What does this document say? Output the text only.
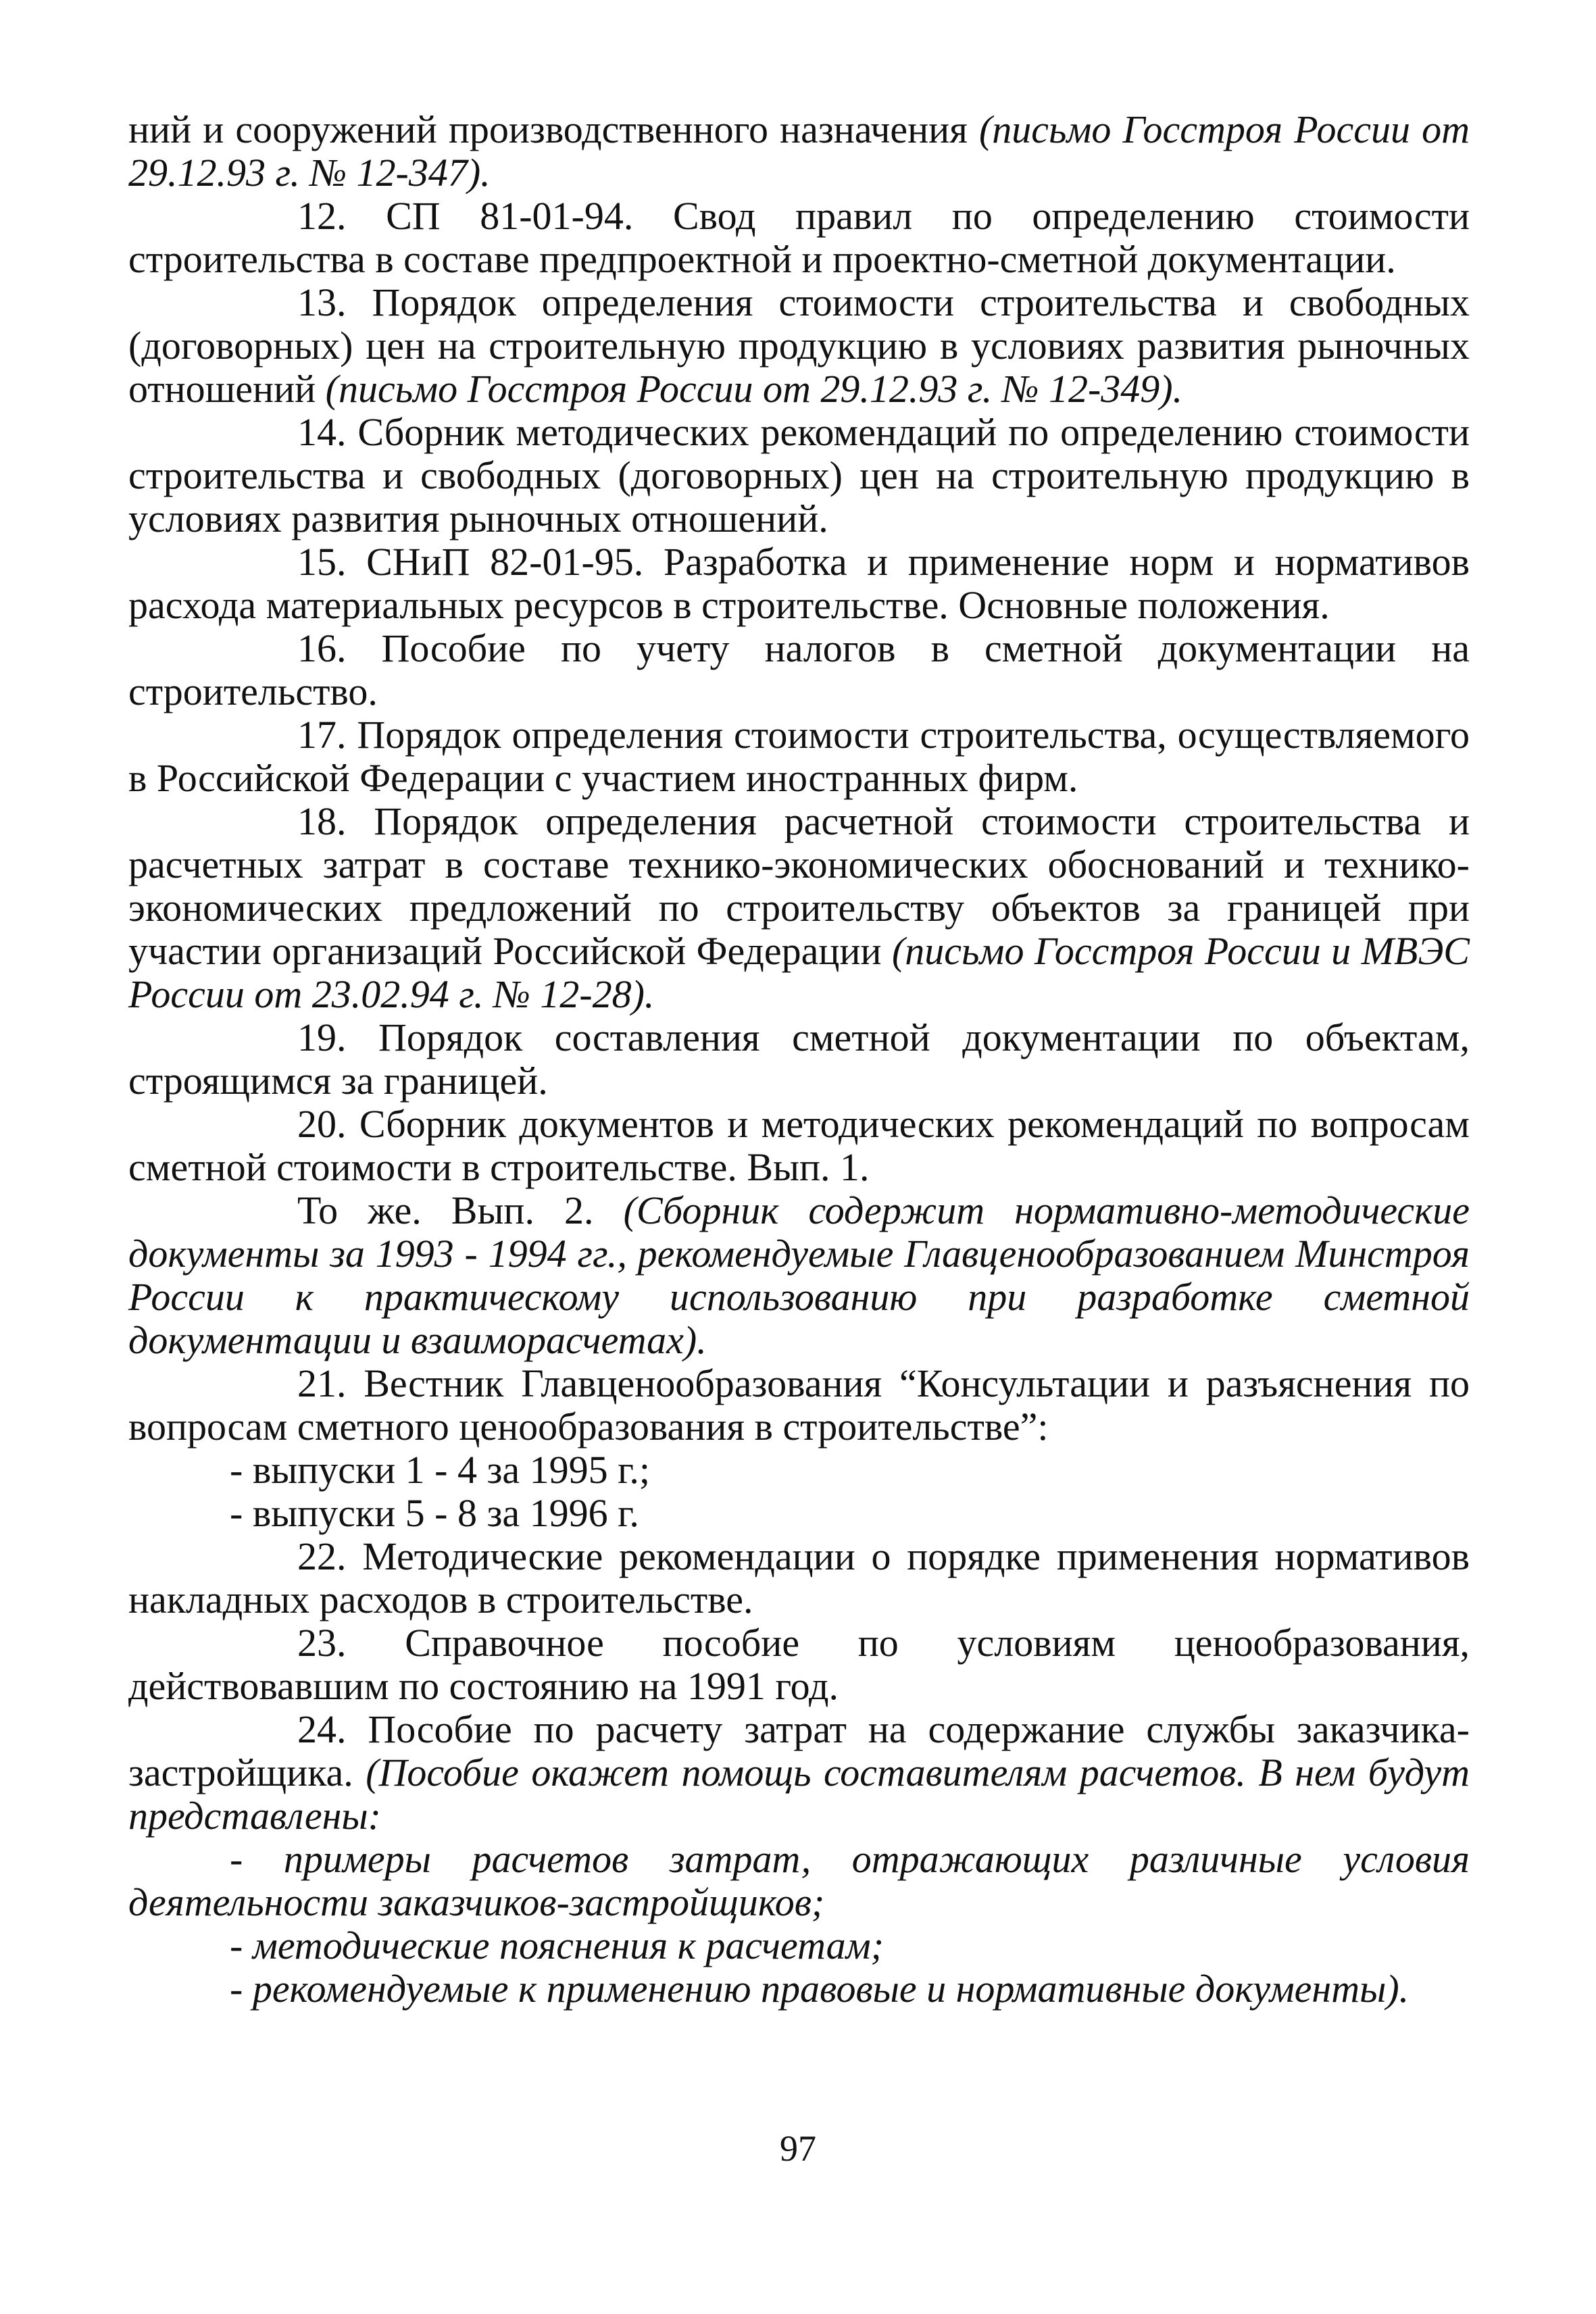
ний и сооружений производственного назначения (письмо Госстроя России от 29.12.93 г. № 12-347).

12. СП 81-01-94. Свод правил по определению стоимости строительства в составе предпроектной и проектно-сметной документации.

13. Порядок определения стоимости строительства и свободных (договорных) цен на строительную продукцию в условиях развития рыночных отношений (письмо Госстроя России от 29.12.93 г. № 12-349).

14. Сборник методических рекомендаций по определению стоимости строительства и свободных (договорных) цен на строительную продукцию в условиях развития рыночных отношений.

15. СНиП 82-01-95. Разработка и применение норм и нормативов расхода материальных ресурсов в строительстве. Основные положения.

16. Пособие по учету налогов в сметной документации на строительство.

17. Порядок определения стоимости строительства, осуществляемого в Российской Федерации с участием иностранных фирм.

18. Порядок определения расчетной стоимости строительства и расчетных затрат в составе технико-экономических обоснований и технико-экономических предложений по строительству объектов за границей при участии организаций Российской Федерации (письмо Госстроя России и МВЭС России от 23.02.94 г. № 12-28).

19. Порядок составления сметной документации по объектам, строящимся за границей.

20. Сборник документов и методических рекомендаций по вопросам сметной стоимости в строительстве. Вып. 1.

То же. Вып. 2. (Сборник содержит нормативно-методические документы за 1993 - 1994 гг., рекомендуемые Главценообразованием Минстроя России к практическому использованию при разработке сметной документации и взаиморасчетах).

21. Вестник Главценообразования “Консультации и разъяснения по вопросам сметного ценообразования в строительстве”:

- выпуски 1 - 4 за 1995 г.;

- выпуски 5 - 8 за 1996 г.

22. Методические рекомендации о порядке применения нормативов накладных расходов в строительстве.

23. Справочное пособие по условиям ценообразования, действовавшим по состоянию на 1991 год.

24. Пособие по расчету затрат на содержание службы заказчика-застройщика. (Пособие окажет помощь составителям расчетов. В нем будут представлены:

- примеры расчетов затрат, отражающих различные условия деятельности заказчиков-застройщиков;

- методические пояснения к расчетам;

- рекомендуемые к применению правовые и нормативные документы).

97
